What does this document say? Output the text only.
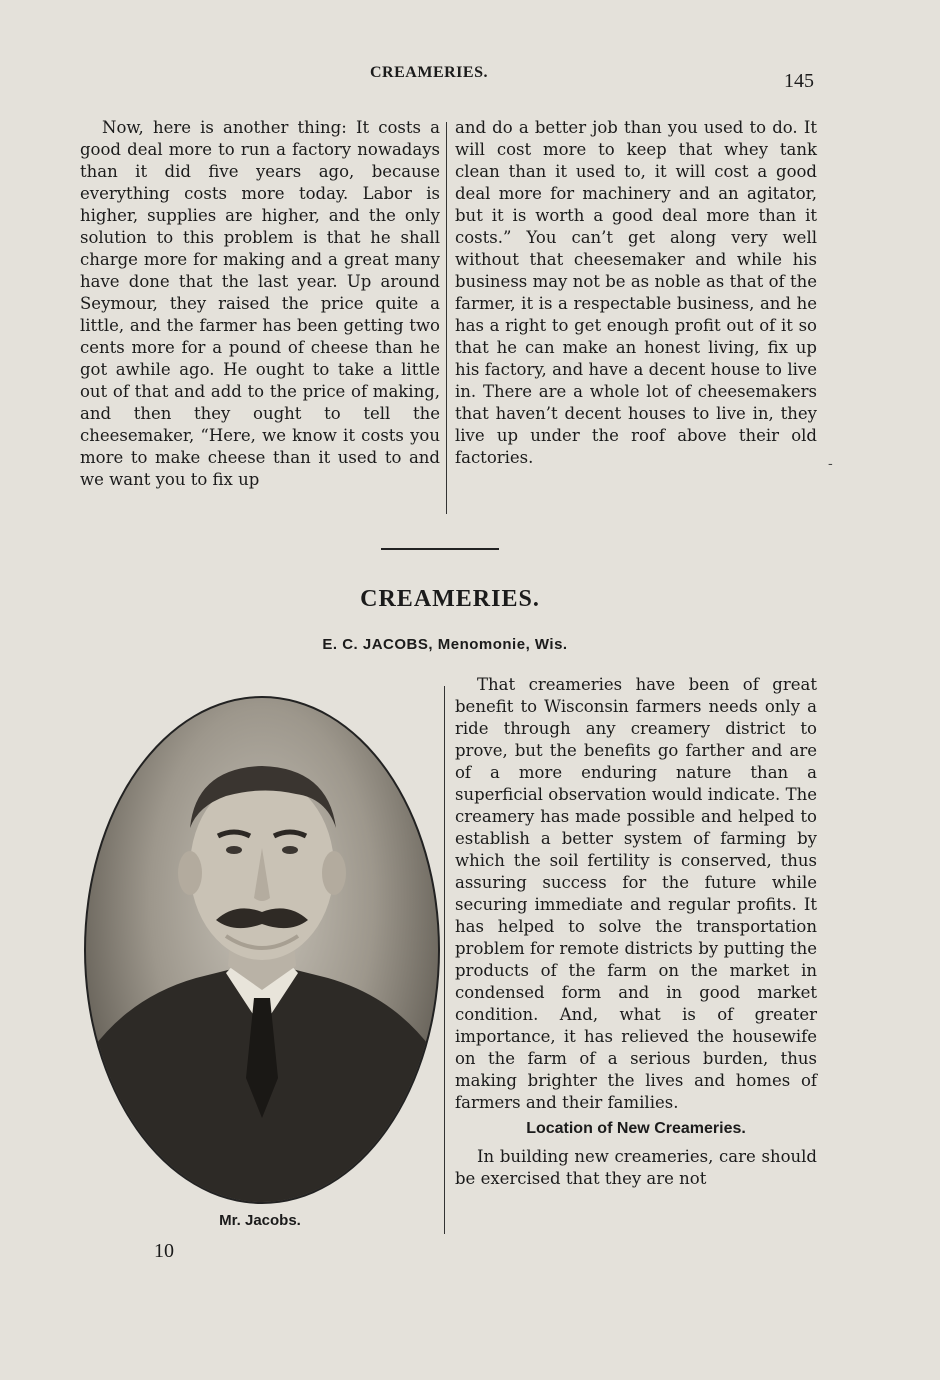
CREAMERIES.	145

Now, here is another thing: It costs a good deal more to run a factory nowadays than it did five years ago, because everything costs more today. Labor is higher, supplies are higher, and the only solution to this problem is that he shall charge more for making and a great many have done that the last year. Up around Seymour, they raised the price quite a little, and the farmer has been getting two cents more for a pound of cheese than he got awhile ago. He ought to take a little out of that and add to the price of making, and then they ought to tell the cheesemaker, “Here, we know it costs you more to make cheese than it used to and we want you to fix up

and do a better job than you used to do. It will cost more to keep that whey tank clean than it used to, it will cost a good deal more for machinery and an agitator, but it is worth a good deal more than it costs.” You can’t get along very well without that cheesemaker and while his business may not be as noble as that of the farmer, it is a respectable business, and he has a right to get enough profit out of it so that he can make an honest living, fix up his factory, and have a decent house to live in. There are a whole lot of cheesemakers that haven’t decent houses to live in, they live up under the roof above their old factories.	-
CREAMERIES.
E. C. JACOBS, Menomonie, Wis.
Mr. Jacobs.
10

That creameries have been of great benefit to Wisconsin farmers needs only a ride through any creamery district to prove, but the benefits go farther and are of a more enduring nature than a superficial observation would indicate. The creamery has made possible and helped to establish a better system of farming by which the soil fertility is conserved, thus assuring success for the future while securing immediate and regular profits. It has helped to solve the transportation problem for remote districts by putting the products of the farm on the market in condensed form and in good market condition. And, what is of greater importance, it has relieved the housewife on the farm of a serious burden, thus making brighter the lives and homes of farmers and their families.

Location of New Creameries.

In building new creameries, care should be exercised that they are not
